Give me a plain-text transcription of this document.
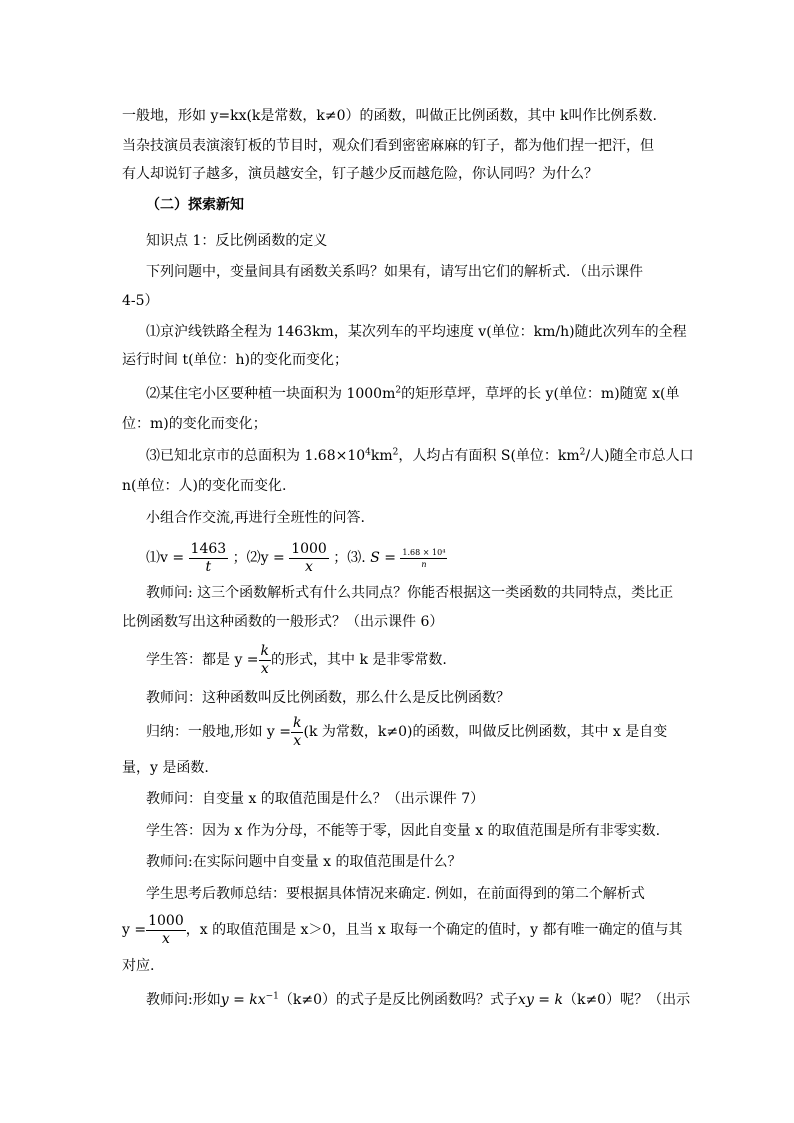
一般地，形如 y=kx(k是常数，k≠0）的函数，叫做正比例函数，其中 k叫作比例系数.
当杂技演员表演滚钉板的节目时，观众们看到密密麻麻的钉子，都为他们捏一把汗，但
有人却说钉子越多，演员越安全，钉子越少反而越危险，你认同吗？为什么？
（二）探索新知
知识点 1：反比例函数的定义
下列问题中，变量间具有函数关系吗？如果有，请写出它们的解析式．（出示课件
4-5）
⑴京沪线铁路全程为 1463km，某次列车的平均速度 v(单位：km/h)随此次列车的全程
运行时间 t(单位：h)的变化而变化；
⑵某住宅小区要种植一块面积为 $1000m^2$的矩形草坪，草坪的长 y(单位：m)随宽 x(单
位：m)的变化而变化；
⑶已知北京市的总面积为 $1.68\times 10^4km^2$，人均占有面积 S(单位：$km^2/$人)随全市总人口
n(单位：人)的变化而变化.
小组合作交流,再进行全班性的问答.
⑴v = $\frac{1463}{t}$ ；⑵y = $\frac{1000}{x}$ ；⑶. $S = \frac{\text{1.68 × 10⁴}}{n}$
教师问: 这三个函数解析式有什么共同点？你能否根据这一类函数的共同特点，类比正
比例函数写出这种函数的一般形式？（出示课件 6）
学生答：都是 $y = \frac{k}{x}$ 的形式，其中 k 是非零常数.
教师问：这种函数叫反比例函数，那么什么是反比例函数？
归纳：一般地,形如 $y = \frac{k}{x} (k$ 为常数，k≠0)的函数，叫做反比例函数，其中 x 是自变
量，y 是函数.
教师问：自变量 x 的取值范围是什么？（出示课件 7）
学生答：因为 x 作为分母，不能等于零，因此自变量 x 的取值范围是所有非零实数.
教师问:在实际问题中自变量 x 的取值范围是什么？
学生思考后教师总结：要根据具体情况来确定. 例如，在前面得到的第二个解析式
$y = \frac{1000}{x}$ ，x 的取值范围是 x＞0，且当 x 取每一个确定的值时，y 都有唯一确定的值与其
对应.
教师问:形如$y = kx^{-1}(k\ne 0)$的式子是反比例函数吗？式子xy = k（k≠0）呢？（出示
